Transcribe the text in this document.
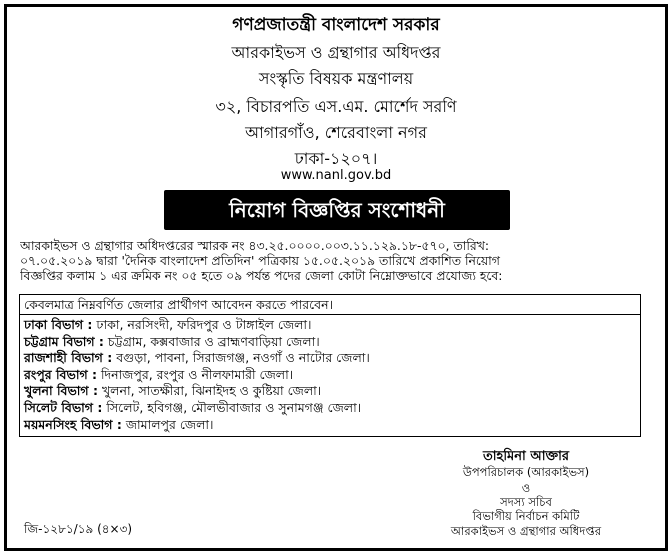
গণপ্রজাতন্ত্রী বাংলাদেশ সরকার
আরকাইভস ও গ্রন্থাগার অধিদপ্তর
সংস্কৃতি বিষয়ক মন্ত্রণালয়
৩২, বিচারপতি এস.এম. মোর্শেদ সরণি
আগারগাঁও, শেরেবাংলা নগর
ঢাকা-১২০৭।
www.nanl.gov.bd
নিয়োগ বিজ্ঞপ্তির সংশোধনী
আরকাইভস ও গ্রন্থাগার অধিদপ্তরের স্মারক নং ৪৩.২৫.০০০০.০০৩.১১.১২৯.১৮-৫৭০, তারিখ:
০৭.০৫.২০১৯ দ্বারা 'দৈনিক বাংলাদেশ প্রতিদিন' পত্রিকায় ১৫.০৫.২০১৯ তারিখে প্রকাশিত নিয়োগ
বিজ্ঞপ্তির কলাম ১ এর ক্রমিক নং ০৫ হতে ০৯ পর্যন্ত পদের জেলা কোটা নিম্নোক্তভাবে প্রযোজ্য হবে:
কেবলমাত্র নিম্নবর্ণিত জেলার প্রার্থীগণ আবেদন করতে পারবেন।
ঢাকা বিভাগ : ঢাকা, নরসিংদী, ফরিদপুর ও টাঙ্গাইল জেলা।
চট্টগ্রাম বিভাগ : চট্টগ্রাম, কক্সবাজার ও ব্রাহ্মণবাড়িয়া জেলা।
রাজশাহী বিভাগ : বগুড়া, পাবনা, সিরাজগঞ্জ, নওগাঁ ও নাটোর জেলা।
রংপুর বিভাগ : দিনাজপুর, রংপুর ও নীলফামারী জেলা।
খুলনা বিভাগ : খুলনা, সাতক্ষীরা, ঝিনাইদহ ও কুষ্টিয়া জেলা।
সিলেট বিভাগ : সিলেট, হবিগঞ্জ, মৌলভীবাজার ও সুনামগঞ্জ জেলা।
ময়মনসিংহ বিভাগ : জামালপুর জেলা।
তাহমিনা আক্তার
উপপরিচালক (আরকাইভস)
ও
সদস্য সচিব
বিভাগীয় নির্বাচন কমিটি
আরকাইভস ও গ্রন্থাগার অধিদপ্তর
জি-১২৮১/১৯ (৪×৩)
